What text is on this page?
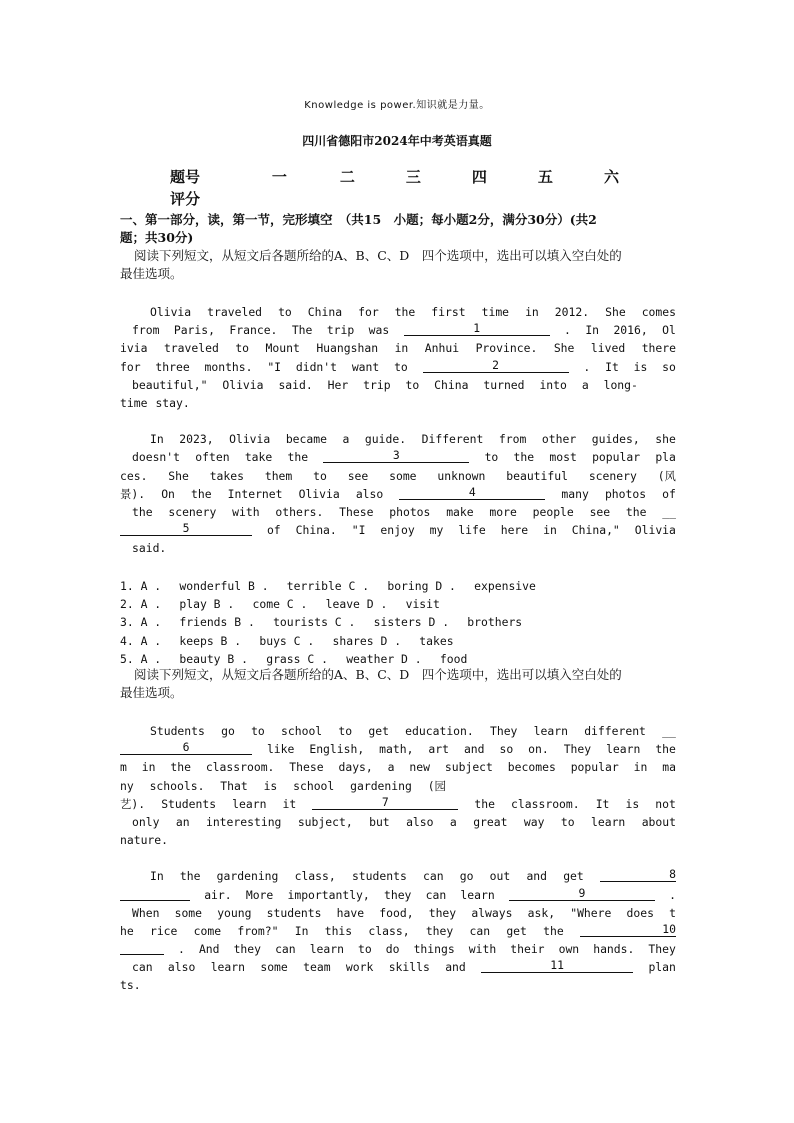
Knowledge is power.知识就是力量。
四川省德阳市2024年中考英语真题
题号	一	二	三	四	五	六
评分
一、第一部分，读，第一节，完形填空　（共15　小题；每小题2分，满分30分）(共2
题；共30分)
阅读下列短文，从短文后各题所给的A、B、C、D　四个选项中，选出可以填入空白处的
最佳选项。
Olivia traveled to China for the first time in 2012. She comes
from Paris, France. The trip was	1	. In 2016, Ol
ivia traveled to Mount Huangshan in Anhui Province. She lived there
for three months. "I didn't want to	2	. It is so
beautiful," Olivia said. Her trip to China turned into a long-
time stay.
In 2023, Olivia became a guide. Different from other guides, she
doesn't often take the	3	to the most popular pla
ces. She takes them to see some unknown beautiful scenery (风
景). On the Internet Olivia also	4	many photos of
the scenery with others. These photos make more people see the __
5	of China. "I enjoy my life here in China," Olivia
said.
1. A .　 wonderful B .　 terrible C .　 boring D .　 expensive
2. A .　 play B .　 come C .　 leave D .　 visit
3. A .　 friends B .　 tourists C .　 sisters D .　 brothers
4. A .　 keeps B .　 buys C .　 shares D .　 takes
5. A .　 beauty B .　 grass C .　 weather D .　 food
阅读下列短文，从短文后各题所给的A、B、C、D　四个选项中，选出可以填入空白处的
最佳选项。
Students go to school to get education. They learn different __
6	like English, math, art and so on. They learn the
m in the classroom. These days, a new subject becomes popular in ma
ny schools. That is school gardening (园
艺). Students learn it	7	the classroom. It is not
only an interesting subject, but also a great way to learn about
nature.
In the gardening class, students can go out and get	8
air. More importantly, they can learn	9	.
When some young students have food, they always ask, "Where does t
he rice come from?" In this class, they can get the	10
. And they can learn to do things with their own hands. They
can also learn some team work skills and	11	plan
ts.
